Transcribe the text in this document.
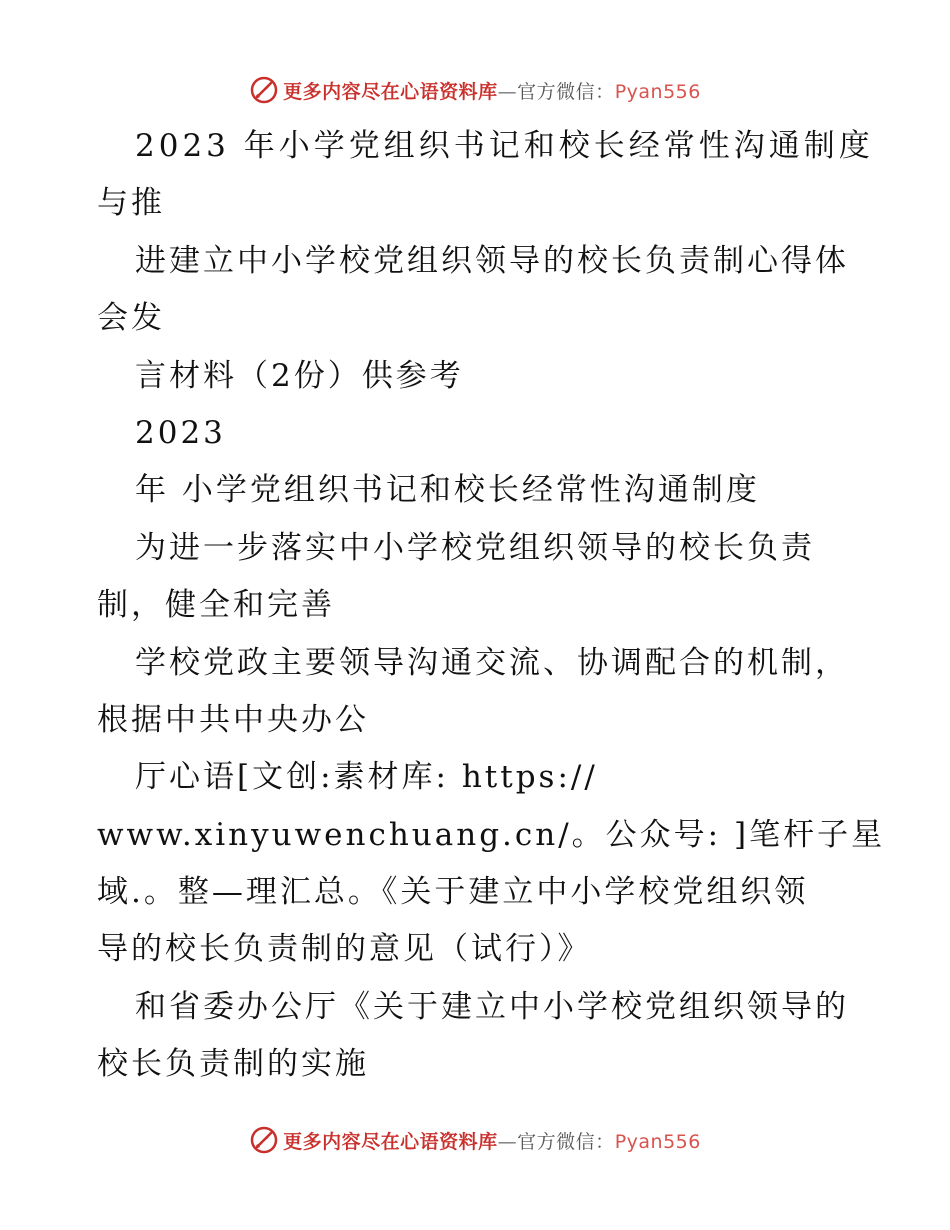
更多内容尽在心语资料库—官方微信：Pyan556
2023 年小学党组织书记和校长经常性沟通制度
与推
进建立中小学校党组织领导的校长负责制心得体
会发
言材料（2份）供参考
2023
年 小学党组织书记和校长经常性沟通制度
为进一步落实中小学校党组织领导的校长负责
制，健全和完善
学校党政主要领导沟通交流、协调配合的机制，
根据中共中央办公
厅心语[文创:素材库: https://
www.xinyuwenchuang.cn/。公众号: ]笔杆子星
域.。整—理汇总。《关于建立中小学校党组织领
导的校长负责制的意见（试行）》
和省委办公厅《关于建立中小学校党组织领导的
校长负责制的实施
更多内容尽在心语资料库—官方微信：Pyan556
